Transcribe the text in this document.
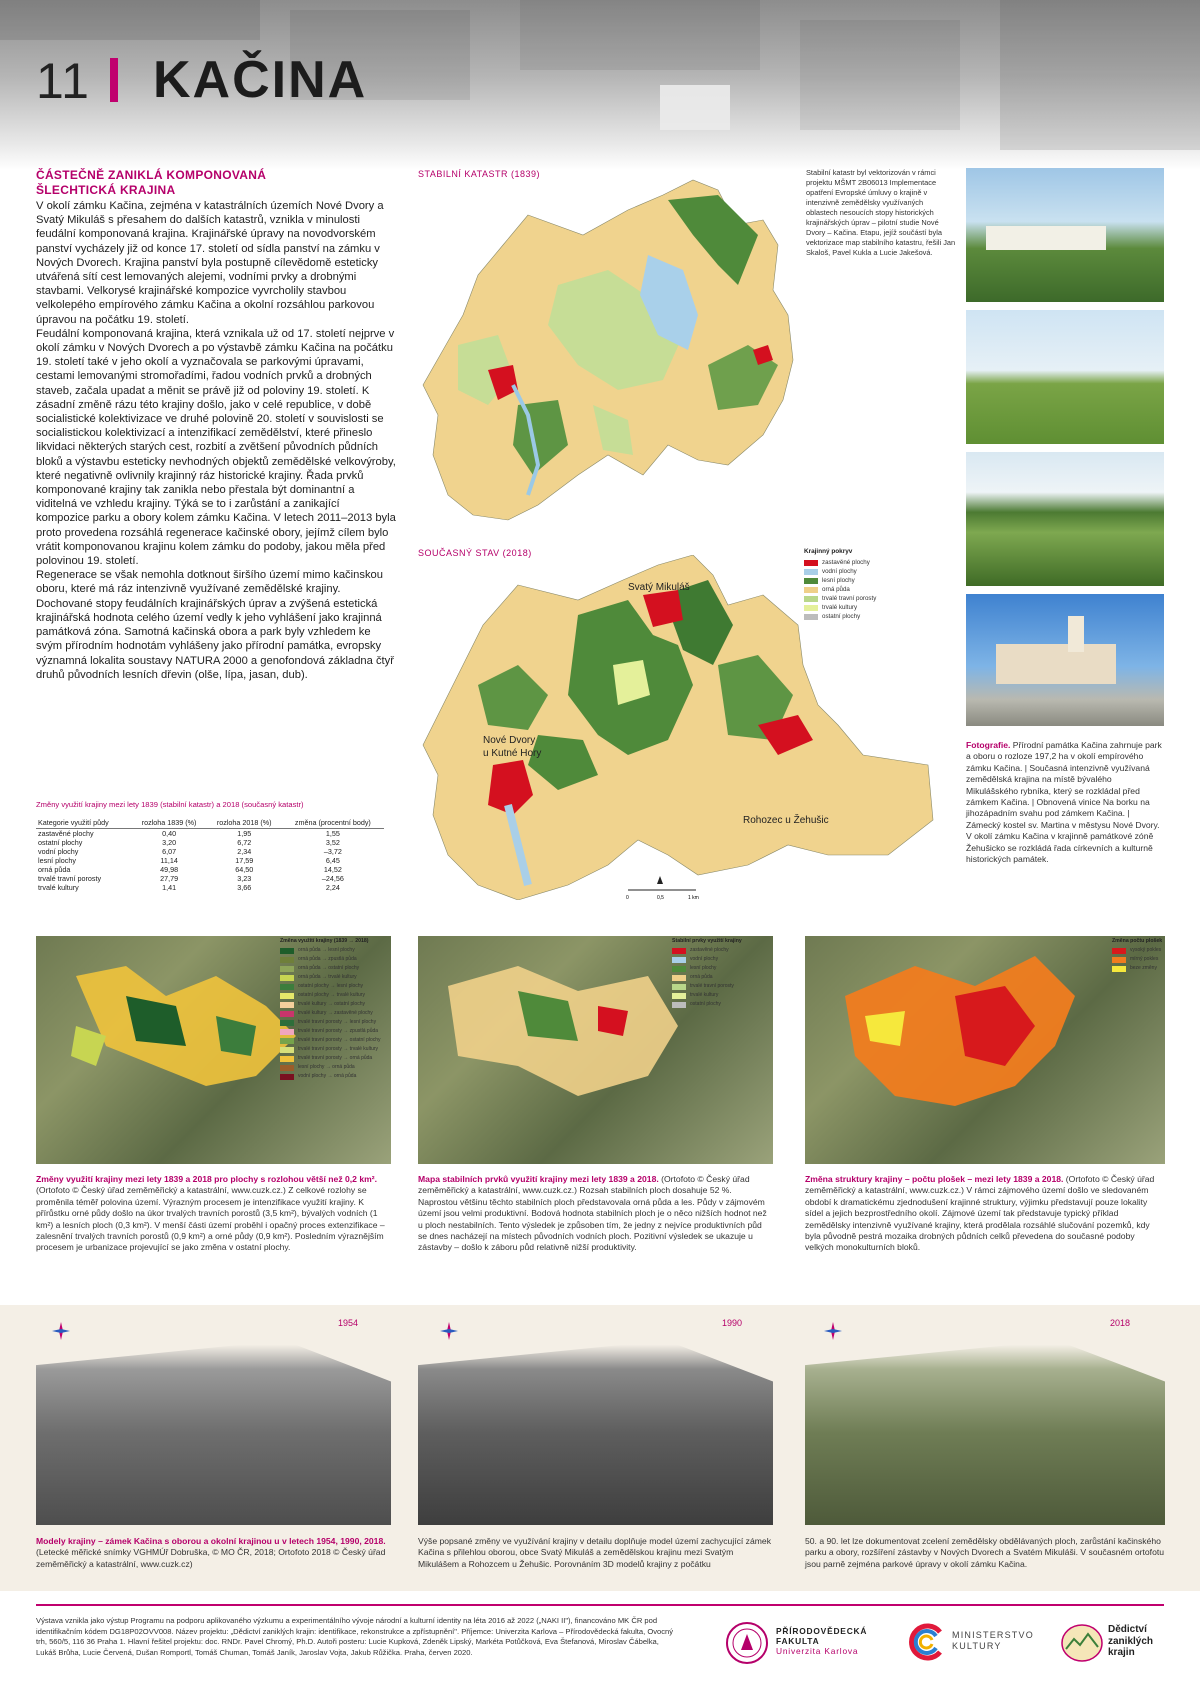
11 KAČINA
ČÁSTEČNĚ ZANIKLÁ KOMPONOVANÁ
ŠLECHTICKÁ KRAJINA

V okolí zámku Kačina, zejména v katastrálních územích Nové Dvory a Svatý Mikuláš s přesahem do dalších katastrů, vznikla v minulosti feudální komponovaná krajina. Krajinářské úpravy na novodvorském panství vycházely již od konce 17. století od sídla panství na zámku v Nových Dvorech. Krajina panství byla postupně cílevědomě esteticky utvářená sítí cest lemovaných alejemi, vodními prvky a drobnými stavbami. Velkorysé krajinářské kompozice vyvrcholily stavbou velkolepého empírového zámku Kačina a okolní rozsáhlou parkovou úpravou na počátku 19. století.

Feudální komponovaná krajina, která vznikala už od 17. století nejprve v okolí zámku v Nových Dvorech a po výstavbě zámku Kačina na počátku 19. století také v jeho okolí a vyznačovala se parkovými úpravami, cestami lemovanými stromořadími, řadou vodních prvků a drobných staveb, začala upadat a měnit se právě již od poloviny 19. století. K zásadní změně rázu této krajiny došlo, jako v celé republice, v době socialistické kolektivizace ve druhé polovině 20. století v souvislosti se socialistickou kolektivizací a intenzifikací zemědělství, které přineslo likvidaci některých starých cest, rozbití a zvětšení původních půdních bloků a výstavbu esteticky nevhodných objektů zemědělské velkovýroby, které negativně ovlivnily krajinný ráz historické krajiny. Řada prvků komponované krajiny tak zanikla nebo přestala být dominantní a viditelná ve vzhledu krajiny. Týká se to i zarůstání a zanikající kompozice parku a obory kolem zámku Kačina. V letech 2011–2013 byla proto provedena rozsáhlá regenerace kačinské obory, jejímž cílem bylo vrátit komponovanou krajinu kolem zámku do podoby, jakou měla před polovinou 19. století.

Regenerace se však nemohla dotknout širšího území mimo kačinskou oboru, které má ráz intenzivně využívané zemědělské krajiny. Dochované stopy feudálních krajinářských úprav a zvýšená estetická krajinářská hodnota celého území vedly k jeho vyhlášení jako krajinná památková zóna. Samotná kačinská obora a park byly vzhledem ke svým přírodním hodnotám vyhlášeny jako přírodní památka, evropsky významná lokalita soustavy NATURA 2000 a genofondová základna čtyř druhů původních lesních dřevin (olše, lípa, jasan, dub).

Změny využití krajiny mezi lety 1839 (stabilní katastr) a 2018 (současný katastr)
Kategorie využití půdy	rozloha 1839 (%)	rozloha 2018 (%)	změna (procentní body)
zastavěné plochy	0,40	1,95	1,55
ostatní plochy	3,20	6,72	3,52
vodní plochy	6,07	2,34	–3,72
lesní plochy	11,14	17,59	6,45
orná půda	49,98	64,50	14,52
trvalé travní porosty	27,79	3,23	–24,56
trvalé kultury	1,41	3,66	2,24
STABILNÍ KATASTR (1839)	Stabilní katastr byl vektorizován v rámci projektu MŠMT 2B06013 Implementace opatření Evropské úmluvy o krajině v intenzivně zemědělsky využívaných oblastech nesoucích stopy historických krajinářských úprav – pilotní studie Nové Dvory – Kačina. Etapu, jejíž součástí byla vektorizace map stabilního katastru, řešili Jan Skaloš, Pavel Kukla a Lucie Jakešová.
SOUČASNÝ STAV (2018)
Svatý Mikuláš
Nové Dvory
u Kutné Hory
Rohozec u Žehušic
Krajinný pokryv
zastavěné plochy
vodní plochy
lesní plochy
orná půda
trvalé travní porosty
trvalé kultury
ostatní plochy
0	0,5	1 km
Fotografie. Přírodní památka Kačina zahrnuje park a oboru o rozloze 197,2 ha v okolí empírového zámku Kačina. | Současná intenzivně využívaná zemědělská krajina na místě bývalého Mikulášského rybníka, který se rozkládal před zámkem Kačina. | Obnovená vinice Na borku na jihozápadním svahu pod zámkem Kačina. | Zámecký kostel sv. Martina v městysu Nové Dvory. V okolí zámku Kačina v krajinně památkové zóně Žehušicko se rozkládá řada církevních a kulturně historických památek.
Změna využití krajiny (1839 → 2018)
orná půda → lesní plochy
orná půda → zpustlá půda
orná půda → ostatní plochy
orná půda → trvalé kultury
ostatní plochy → lesní plochy
ostatní plochy → trvalé kultury
trvalé kultury → ostatní plochy
trvalé kultury → zastavěné plochy
trvalé travní porosty → lesní plochy
trvalé travní porosty → zpustlá půda
trvalé travní porosty → ostatní plochy
trvalé travní porosty → trvalé kultury
trvalé travní porosty → orná půda
lesní plochy → orná půda
vodní plochy → orná půda
Stabilní prvky využití krajiny
zastavěné plochy
vodní plochy
lesní plochy
orná půda
trvalé travní porosty
trvalé kultury
ostatní plochy
Změna počtu plošek
vysoký pokles
mírný pokles
beze změny
Změny využití krajiny mezi lety 1839 a 2018 pro plochy s rozlohou větší než 0,2 km². (Ortofoto © Český úřad zeměměřický a katastrální, www.cuzk.cz.) Z celkové rozlohy se proměnila téměř polovina území. Výrazným procesem je intenzifikace využití krajiny. K přírůstku orné půdy došlo na úkor trvalých travních porostů (3,5 km²), bývalých vodních (1 km²) a lesních ploch (0,3 km²). V menší části území proběhl i opačný proces extenzifikace – zalesnění trvalých travních porostů (0,9 km²) a orné půdy (0,9 km²). Posledním výraznějším procesem je urbanizace projevující se jako změna v ostatní plochy.
Mapa stabilních prvků využití krajiny mezi lety 1839 a 2018. (Ortofoto © Český úřad zeměměřický a katastrální, www.cuzk.cz.) Rozsah stabilních ploch dosahuje 52 %. Naprostou většinu těchto stabilních ploch představovala orná půda a les. Půdy v zájmovém území jsou velmi produktivní. Bodová hodnota stabilních ploch je o něco nižších hodnot než u ploch nestabilních. Tento výsledek je způsoben tím, že jedny z nejvíce produktivních půd se dnes nacházejí na místech původních vodních ploch. Pozitivní výsledek se ukazuje u zástavby – došlo k záboru půd relativně nižší produktivity.
Změna struktury krajiny – počtu plošek – mezi lety 1839 a 2018. (Ortofoto © Český úřad zeměměřický a katastrální, www.cuzk.cz.) V rámci zájmového území došlo ve sledovaném období k dramatickému zjednodušení krajinné struktury, výjimku představují pouze lokality sídel a jejich bezprostředního okolí. Zájmové území tak představuje typický příklad zemědělsky intenzivně využívané krajiny, která prodělala rozsáhlé slučování pozemků, kdy byla původně pestrá mozaika drobných půdních celků převedena do současné podoby velkých monokulturních bloků.
1954	1990	2018
Modely krajiny – zámek Kačina s oborou a okolní krajinou u v letech 1954, 1990, 2018. (Letecké měřické snímky VGHMÚř Dobruška, © MO ČR, 2018; Ortofoto 2018 © Český úřad zeměměřický a katastrální, www.cuzk.cz)
Výše popsané změny ve využívání krajiny v detailu doplňuje model území zachycující zámek Kačina s přilehlou oborou, obce Svatý Mikuláš a zemědělskou krajinu mezi Svatým Mikulášem a Rohozcem u Žehušic. Porovnáním 3D modelů krajiny z počátku
50. a 90. let lze dokumentovat zcelení zemědělsky obdělávaných ploch, zarůstání kačinského parku a obory, rozšíření zástavby v Nových Dvorech a Svatém Mikuláši. V současném ortofotu jsou parně zejména parkové úpravy v okolí zámku Kačina.
Výstava vznikla jako výstup Programu na podporu aplikovaného výzkumu a experimentálního vývoje národní a kulturní identity na léta 2016 až 2022 („NAKI II"), financováno MK ČR pod identifikačním kódem DG18P02OVV008. Název projektu: „Dědictví zaniklých krajin: identifikace, rekonstrukce a zpřístupnění". Příjemce: Univerzita Karlova – Přírodovědecká fakulta, Ovocný trh, 560/5, 116 36 Praha 1. Hlavní řešitel projektu: doc. RNDr. Pavel Chromý, Ph.D. Autoři posteru: Lucie Kupková, Zdeněk Lipský, Markéta Potůčková, Eva Štefanová, Miroslav Čábelka, Lukáš Brůha, Lucie Červená, Dušan Romportl, Tomáš Chuman, Tomáš Janík, Jaroslav Vojta, Jakub Růžička. Praha, červen 2020.
PŘÍRODOVĚDECKÁ
FAKULTA
Univerzita Karlova
MINISTERSTVO
KULTURY
Dědictví
zaniklých
krajin
